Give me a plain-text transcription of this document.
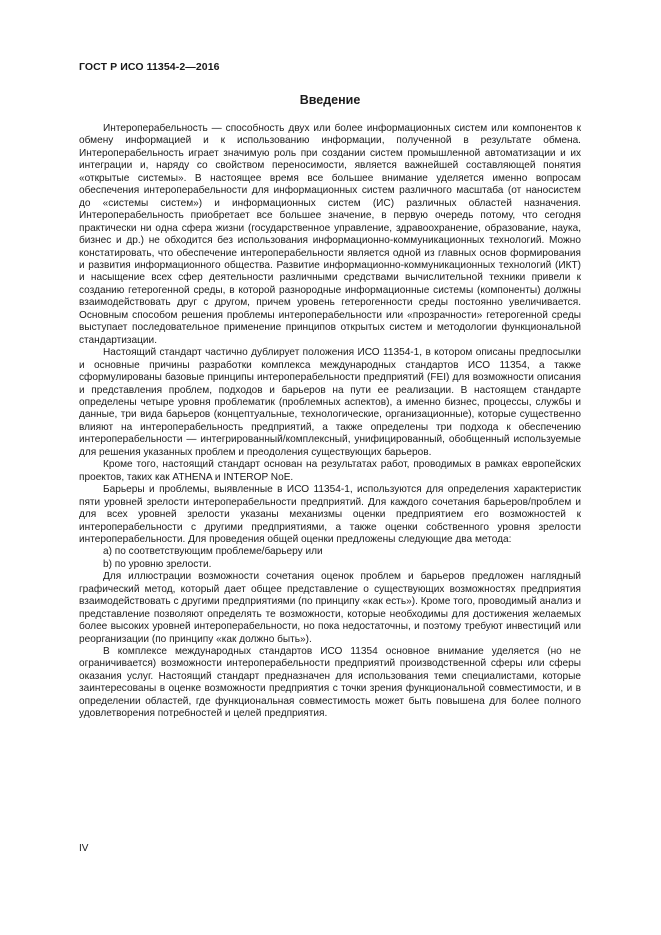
ГОСТ Р ИСО 11354-2—2016
Введение

Интероперабельность — способность двух или более информационных систем или компонентов к обмену информацией и к использованию информации, полученной в результате обмена. Интероперабельность играет значимую роль при создании систем промышленной автоматизации и их интеграции и, наряду со свойством переносимости, является важнейшей составляющей понятия «открытые системы». В настоящее время все большее внимание уделяется именно вопросам обеспечения интероперабельности для информационных систем различного масштаба (от наносистем до «системы систем») и информационных систем (ИС) различных областей назначения. Интероперабельность приобретает все большее значение, в первую очередь потому, что сегодня практически ни одна сфера жизни (государственное управление, здравоохранение, образование, наука, бизнес и др.) не обходится без использования информационно-коммуникационных технологий. Можно констатировать, что обеспечение интероперабельности является одной из главных основ формирования и развития информационного общества. Развитие информационно-коммуникационных технологий (ИКТ) и насыщение всех сфер деятельности различными средствами вычислительной техники привели к созданию гетерогенной среды, в которой разнородные информационные системы (компоненты) должны взаимодействовать друг с другом, причем уровень гетерогенности среды постоянно увеличивается. Основным способом решения проблемы интероперабельности или «прозрачности» гетерогенной среды выступает последовательное применение принципов открытых систем и методологии функциональной стандартизации.

Настоящий стандарт частично дублирует положения ИСО 11354-1, в котором описаны предпосылки и основные причины разработки комплекса международных стандартов ИСО 11354, а также сформулированы базовые принципы интероперабельности предприятий (FEI) для возможности описания и представления проблем, подходов и барьеров на пути ее реализации. В настоящем стандарте определены четыре уровня проблематик (проблемных аспектов), а именно бизнес, процессы, службы и данные, три вида барьеров (концептуальные, технологические, организационные), которые существенно влияют на интероперабельность предприятий, а также определены три подхода к обеспечению интероперабельности — интегрированный/комплексный, унифицированный, обобщенный используемые для решения указанных проблем и преодоления существующих барьеров.

Кроме того, настоящий стандарт основан на результатах работ, проводимых в рамках европейских проектов, таких как ATHENA и INTEROP NoE.

Барьеры и проблемы, выявленные в ИСО 11354-1, используются для определения характеристик пяти уровней зрелости интероперабельности предприятий. Для каждого сочетания барьеров/проблем и для всех уровней зрелости указаны механизмы оценки предприятием его возможностей к интероперабельности с другими предприятиями, а также оценки собственного уровня зрелости интероперабельности. Для проведения общей оценки предложены следующие два метода:

a) по соответствующим проблеме/барьеру или

b) по уровню зрелости.

Для иллюстрации возможности сочетания оценок проблем и барьеров предложен наглядный графический метод, который дает общее представление о существующих возможностях предприятия взаимодействовать с другими предприятиями (по принципу «как есть»). Кроме того, проводимый анализ и представление позволяют определять те возможности, которые необходимы для достижения желаемых более высоких уровней интероперабельности, но пока недостаточны, и поэтому требуют инвестиций или реорганизации (по принципу «как должно быть»).

В комплексе международных стандартов ИСО 11354 основное внимание уделяется (но не ограничивается) возможности интероперабельности предприятий производственной сферы или сферы оказания услуг. Настоящий стандарт предназначен для использования теми специалистами, которые заинтересованы в оценке возможности предприятия с точки зрения функциональной совместимости, и в определении областей, где функциональная совместимость может быть повышена для более полного удовлетворения потребностей и целей предприятия.

IV
